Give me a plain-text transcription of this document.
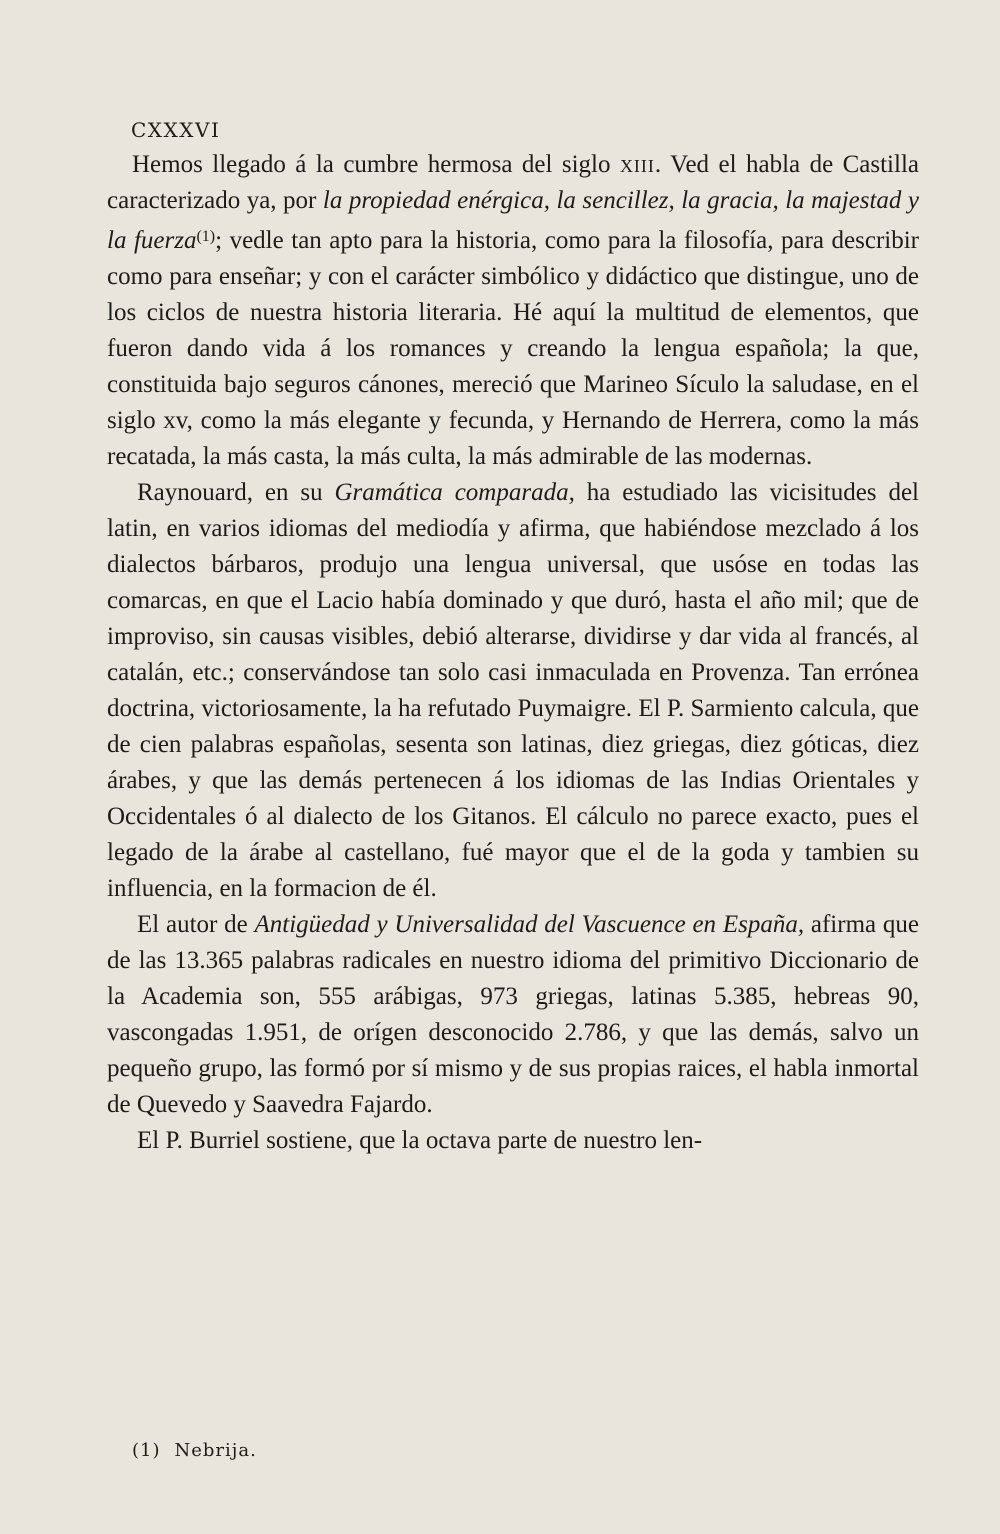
CXXXVI

Hemos llegado á la cumbre hermosa del siglo xiii. Ved el habla de Castilla caracterizado ya, por la propiedad enérgica, la sencillez, la gracia, la majestad y la fuerza$^{(1)}$; vedle tan apto para la historia, como para la filosofía, para describir como para enseñar; y con el carácter simbólico y didáctico que distingue, uno de los ciclos de nuestra historia literaria. Hé aquí la multitud de elementos, que fueron dando vida á los romances y creando la lengua española; la que, constituida bajo seguros cánones, mereció que Marineo Sículo la saludase, en el siglo xv, como la más elegante y fecunda, y Hernando de Herrera, como la más recatada, la más casta, la más culta, la más admirable de las modernas.

Raynouard, en su Gramática comparada, ha estudiado las vicisitudes del latin, en varios idiomas del mediodía y afirma, que habiéndose mezclado á los dialectos bárbaros, produjo una lengua universal, que usóse en todas las comarcas, en que el Lacio había dominado y que duró, hasta el año mil; que de improviso, sin causas visibles, debió alterarse, dividirse y dar vida al francés, al catalán, etc.; conservándose tan solo casi inmaculada en Provenza. Tan errónea doctrina, victoriosamente, la ha refutado Puymaigre. El P. Sarmiento calcula, que de cien palabras españolas, sesenta son latinas, diez griegas, diez góticas, diez árabes, y que las demás pertenecen á los idiomas de las Indias Orientales y Occidentales ó al dialecto de los Gitanos. El cálculo no parece exacto, pues el legado de la árabe al castellano, fué mayor que el de la goda y tambien su influencia, en la formacion de él.

El autor de Antigüedad y Universalidad del Vascuence en España, afirma que de las 13.365 palabras radicales en nuestro idioma del primitivo Diccionario de la Academia son, 555 arábigas, 973 griegas, latinas 5.385, hebreas 90, vascongadas 1.951, de orígen desconocido 2.786, y que las demás, salvo un pequeño grupo, las formó por sí mismo y de sus propias raices, el habla inmortal de Quevedo y Saavedra Fajardo.

El P. Burriel sostiene, que la octava parte de nuestro len-

(1) Nebrija.
